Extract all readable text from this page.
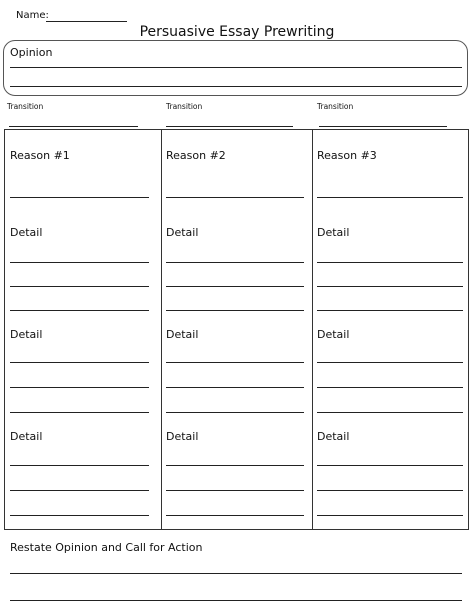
Name:
Persuasive Essay Prewriting
Opinion
Transition	Transition	Transition
Reason #1
Detail
Detail
Detail
Reason #2
Detail
Detail
Detail
Reason #3
Detail
Detail
Detail
Restate Opinion and Call for Action
